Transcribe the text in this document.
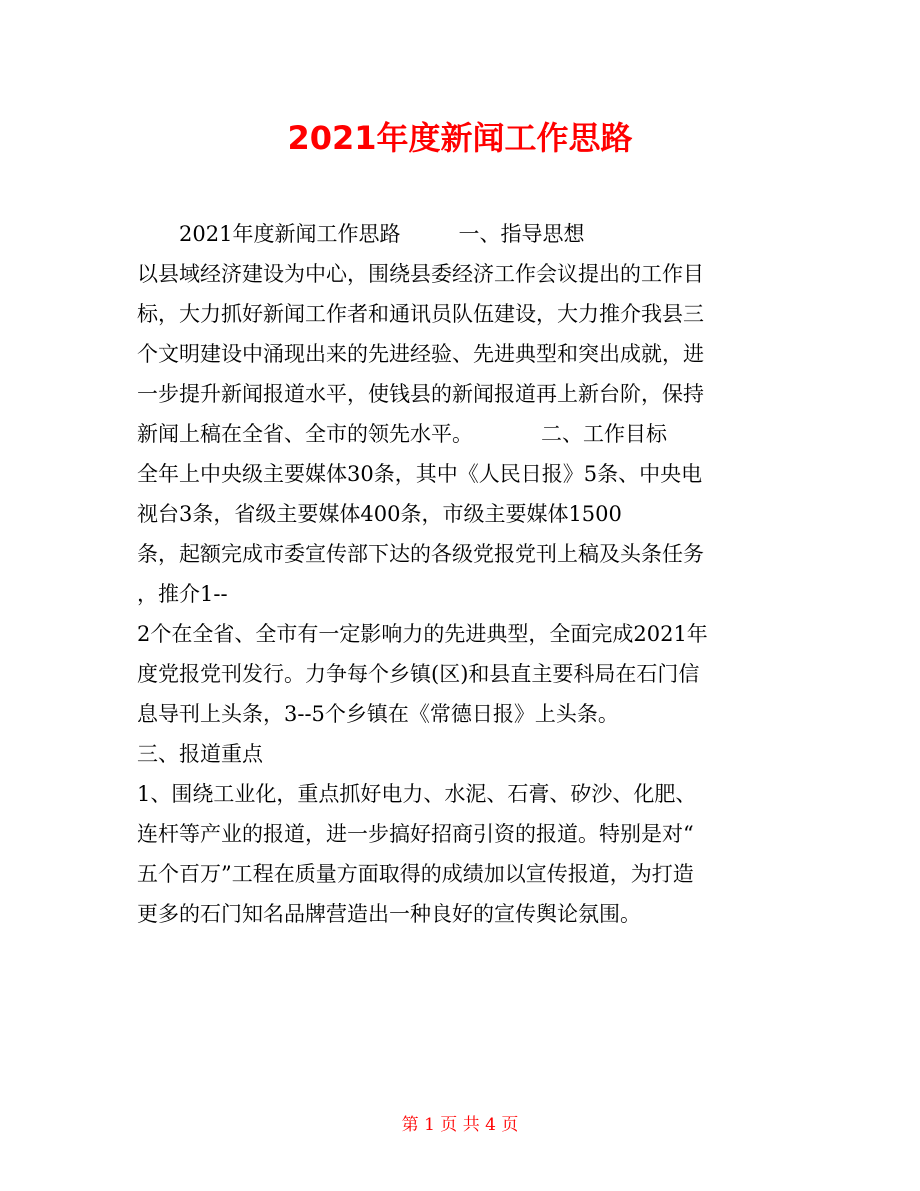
2021年度新闻工作思路
2021年度新闻工作思路	一、指导思想
以县域经济建设为中心，围绕县委经济工作会议提出的工作目
标，大力抓好新闻工作者和通讯员队伍建设，大力推介我县三
个文明建设中涌现出来的先进经验、先进典型和突出成就，进
一步提升新闻报道水平，使钱县的新闻报道再上新台阶，保持
新闻上稿在全省、全市的领先水平。	二、工作目标
全年上中央级主要媒体30条，其中《人民日报》5条、中央电
视台3条，省级主要媒体400条，市级主要媒体1500
条，起额完成市委宣传部下达的各级党报党刊上稿及头条任务
，推介1--
2个在全省、全市有一定影响力的先进典型，全面完成2021年
度党报党刊发行。力争每个乡镇(区)和县直主要科局在石门信
息导刊上头条，3--5个乡镇在《常德日报》上头条。
三、报道重点
1、围绕工业化，重点抓好电力、水泥、石膏、矽沙、化肥、
连杆等产业的报道，进一步搞好招商引资的报道。特别是对“
五个百万”工程在质量方面取得的成绩加以宣传报道，为打造
更多的石门知名品牌营造出一种良好的宣传舆论氛围。
第 1 页 共 4 页
